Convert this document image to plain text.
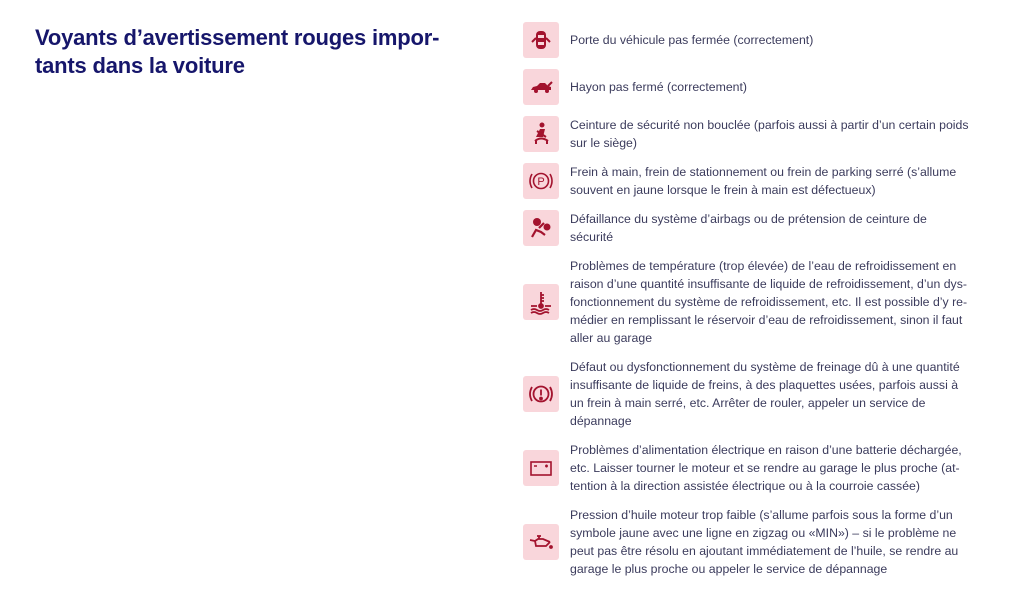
Voyants d’avertissement rouges impor-
tants dans la voiture
Porte du véhicule pas fermée (correctement)
Hayon pas fermé (correctement)
Ceinture de sécurité non bouclée (parfois aussi à partir d’un certain poids
sur le siège)
P
Frein à main, frein de stationnement ou frein de parking serré (s’allume
souvent en jaune lorsque le frein à main est défectueux)
Défaillance du système d’airbags ou de prétension de ceinture de
sécurité
Problèmes de température (trop élevée) de l’eau de refroidissement en
raison d’une quantité insuffisante de liquide de refroidissement, d’un dys-
fonctionnement du système de refroidissement, etc. Il est possible d’y re-
médier en remplissant le réservoir d’eau de refroidissement, sinon il faut
aller au garage
Défaut ou dysfonctionnement du système de freinage dû à une quantité
insuffisante de liquide de freins, à des plaquettes usées, parfois aussi à
un frein à main serré, etc. Arrêter de rouler, appeler un service de
dépannage
Problèmes d’alimentation électrique en raison d’une batterie déchargée,
etc. Laisser tourner le moteur et se rendre au garage le plus proche (at-
tention à la direction assistée électrique ou à la courroie cassée)
Pression d’huile moteur trop faible (s’allume parfois sous la forme d’un
symbole jaune avec une ligne en zigzag ou «MIN») – si le problème ne
peut pas être résolu en ajoutant immédiatement de l’huile, se rendre au
garage le plus proche ou appeler le service de dépannage
